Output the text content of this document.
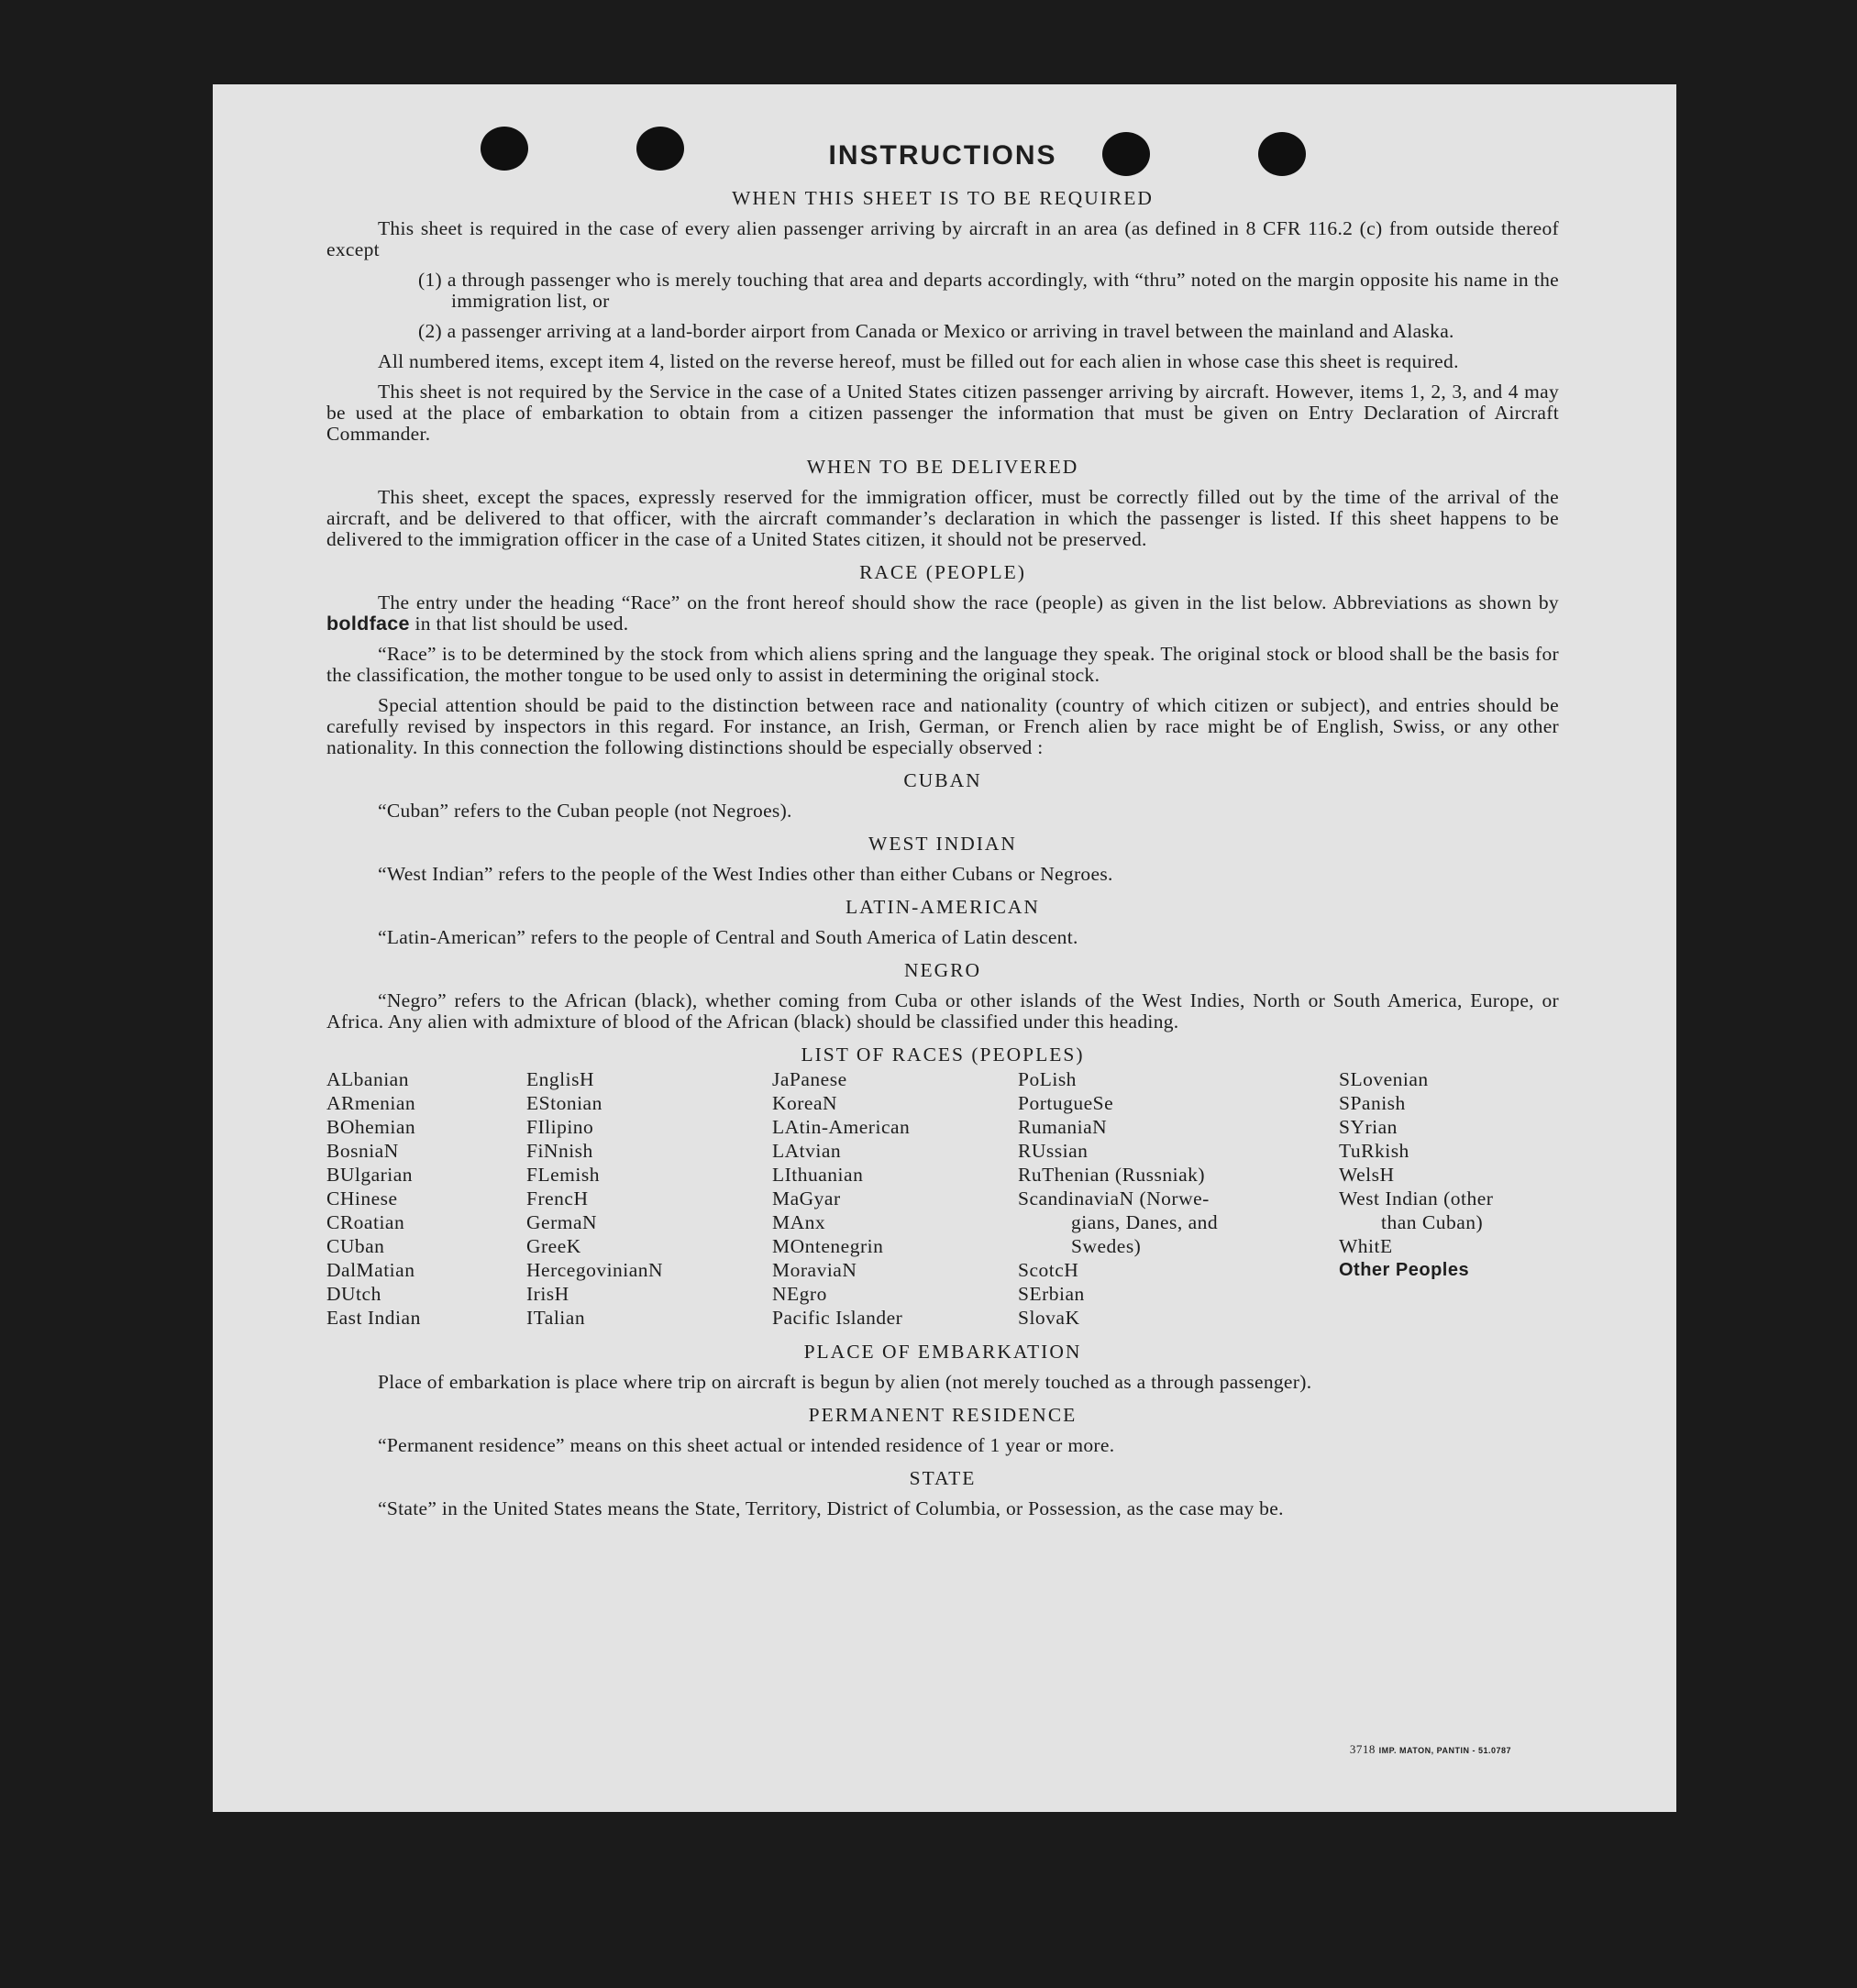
INSTRUCTIONS
WHEN THIS SHEET IS TO BE REQUIRED

This sheet is required in the case of every alien passenger arriving by aircraft in an area (as defined in 8 CFR 116.2 (c) from outside thereof except

(1) a through passenger who is merely touching that area and departs accordingly, with “thru” noted on the margin opposite his name in the immigration list, or

(2) a passenger arriving at a land-border airport from Canada or Mexico or arriving in travel between the mainland and Alaska.

All numbered items, except item 4, listed on the reverse hereof, must be filled out for each alien in whose case this sheet is required.

This sheet is not required by the Service in the case of a United States citizen passenger arriving by aircraft. However, items 1, 2, 3, and 4 may be used at the place of embarkation to obtain from a citizen passenger the information that must be given on Entry Declaration of Aircraft Commander.

WHEN TO BE DELIVERED

This sheet, except the spaces, expressly reserved for the immigration officer, must be correctly filled out by the time of the arrival of the aircraft, and be delivered to that officer, with the aircraft commander’s declaration in which the passenger is listed. If this sheet happens to be delivered to the immigration officer in the case of a United States citizen, it should not be preserved.

RACE (PEOPLE)

The entry under the heading “Race” on the front hereof should show the race (people) as given in the list below. Abbreviations as shown by boldface in that list should be used.

“Race” is to be determined by the stock from which aliens spring and the language they speak. The original stock or blood shall be the basis for the classification, the mother tongue to be used only to assist in determining the original stock.

Special attention should be paid to the distinction between race and nationality (country of which citizen or subject), and entries should be carefully revised by inspectors in this regard. For instance, an Irish, German, or French alien by race might be of English, Swiss, or any other nationality. In this connection the following distinctions should be especially observed :

CUBAN

“Cuban” refers to the Cuban people (not Negroes).

WEST INDIAN

“West Indian” refers to the people of the West Indies other than either Cubans or Negroes.

LATIN-AMERICAN

“Latin-American” refers to the people of Central and South America of Latin descent.

NEGRO

“Negro” refers to the African (black), whether coming from Cuba or other islands of the West Indies, North or South America, Europe, or Africa. Any alien with admixture of blood of the African (black) should be classified under this heading.

LIST OF RACES (PEOPLES)
ALbanian
ARmenian
BOhemian
BosniaN
BUlgarian
CHinese
CRoatian
CUban
DalMatian
DUtch
East Indian
EnglisH
EStonian
FIlipino
FiNnish
FLemish
FrencH
GermaN
GreeK
HercegovinianN
IrisH
ITalian
JaPanese
KoreaN
LAtin-American
LAtvian
LIthuanian
MaGyar
MAnx
MOntenegrin
MoraviaN
NEgro
Pacific Islander
PoLish
PortugueSe
RumaniaN
RUssian
RuThenian (Russniak)
ScandinaviaN (Norwe-
gians, Danes, and
Swedes)
ScotcH
SErbian
SlovaK
SLovenian
SPanish
SYrian
TuRkish
WelsH
West Indian (other
than Cuban)
WhitE
Other Peoples
PLACE OF EMBARKATION

Place of embarkation is place where trip on aircraft is begun by alien (not merely touched as a through passenger).

PERMANENT RESIDENCE

“Permanent residence” means on this sheet actual or intended residence of 1 year or more.

STATE

“State” in the United States means the State, Territory, District of Columbia, or Possession, as the case may be.

3718 IMP. MATON, PANTIN - 51.0787
